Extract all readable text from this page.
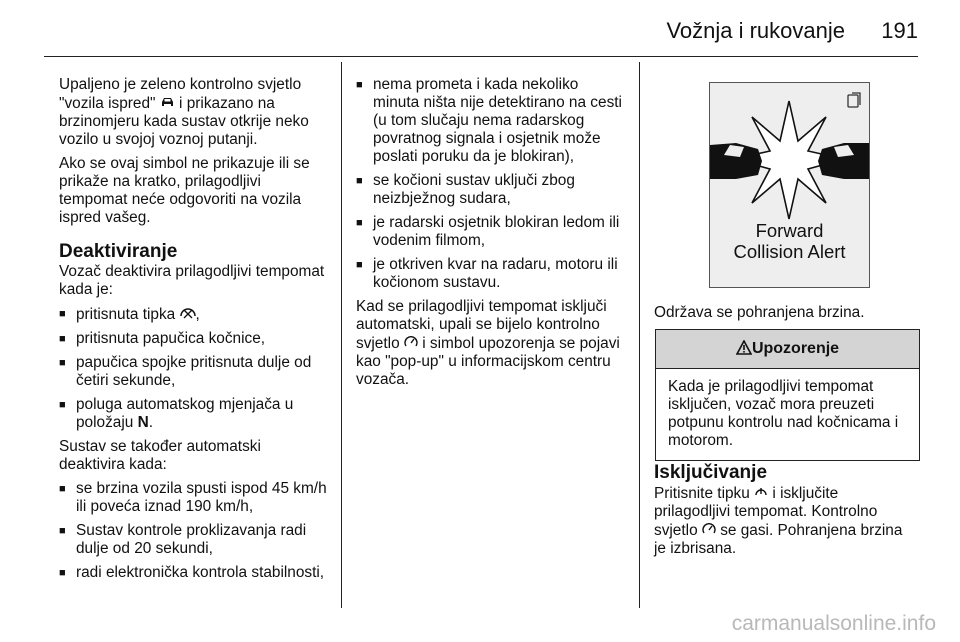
Vožnja i rukovanje 191

Upaljeno je zeleno kontrolno svjetlo "vozila ispred" i prikazano na brzinomjeru kada sustav otkrije neko vozilo u svojoj voznoj putanji.

Ako se ovaj simbol ne prikazuje ili se prikaže na kratko, prilagodljivi tempomat neće odgovoriti na vozila ispred vašeg.

Deaktiviranje

Vozač deaktivira prilagodljivi tempomat kada je:

■ pritisnuta tipka ,
■ pritisnuta papučica kočnice,
■ papučica spojke pritisnuta dulje od četiri sekunde,
■ poluga automatskog mjenjača u položaju N.

Sustav se također automatski deaktivira kada:

■ se brzina vozila spusti ispod 45 km/h ili poveća iznad 190 km/h,
■ Sustav kontrole proklizavanja radi dulje od 20 sekundi,
■ radi elektronička kontrola stabilnosti,
■ nema prometa i kada nekoliko minuta ništa nije detektirano na cesti (u tom slučaju nema radarskog povratnog signala i osjetnik može poslati poruku da je blokiran),
■ se kočioni sustav uključi zbog neizbježnog sudara,
■ je radarski osjetnik blokiran ledom ili vodenim filmom,
■ je otkriven kvar na radaru, motoru ili kočionom sustavu.

Kad se prilagodljivi tempomat isključi automatski, upali se bijelo kontrolno svjetlo i simbol upozorenja se pojavi kao "pop-up" u informacijskom centru vozača.

Forward
Collision Alert

Održava se pohranjena brzina.

Upozorenje
Kada je prilagodljivi tempomat isključen, vozač mora preuzeti potpunu kontrolu nad kočnicama i motorom.
Isključivanje

Pritisnite tipku i isključite prilagodljivi tempomat. Kontrolno svjetlo se gasi. Pohranjena brzina je izbrisana.

carmanualsonline.info
